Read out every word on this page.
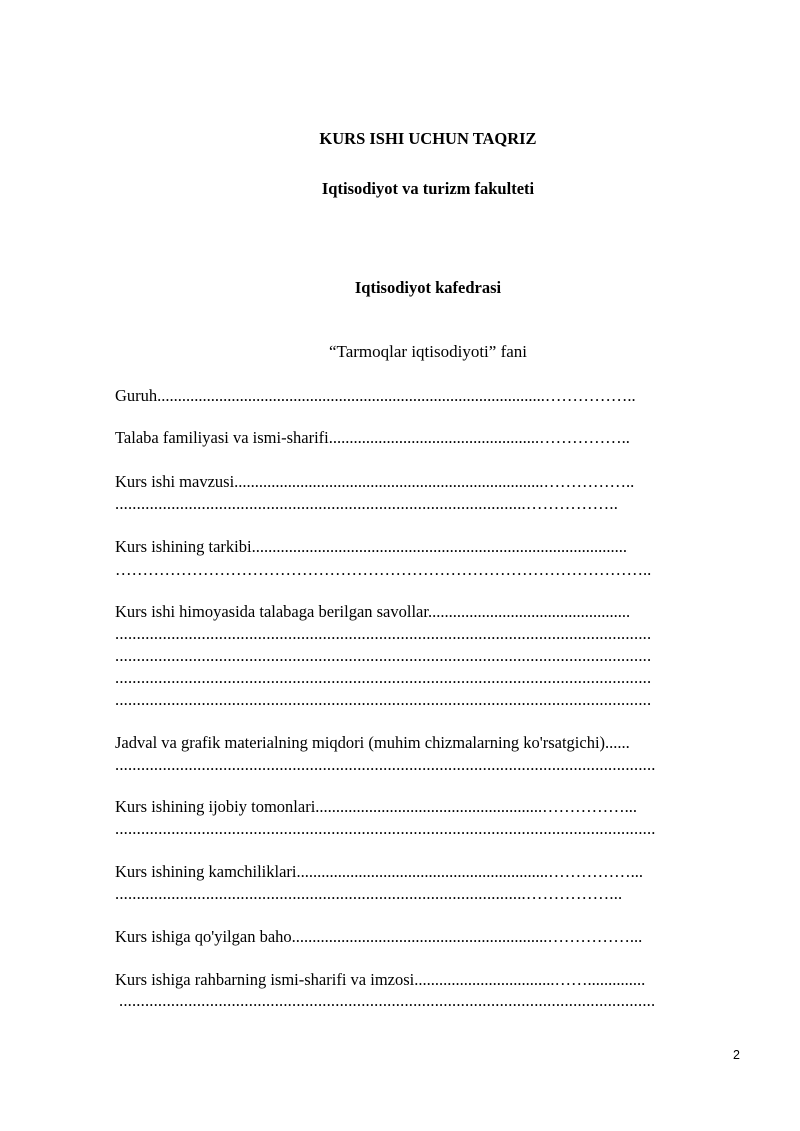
KURS ISHI UCHUN TAQRIZ
Iqtisodiyot va turizm fakulteti
Iqtisodiyot kafedrasi
“Tarmoqlar iqtisodiyoti” fani
Guruh..............................................................................................……………..
Talaba familiyasi va ismi-sharifi...................................................……………..
Kurs ishi mavzusi...........................................................................……………..
...............................................................................................……………..
Kurs ishining tarkibi...........................................................................................
……………………………………………………………………………………..
Kurs ishi himoyasida talabaga berilgan savollar.................................................
............................................................................................................................
............................................................................................................................
............................................................................................................................
............................................................................................................................
Jadval va grafik materialning miqdori (muhim chizmalarning ko'rsatgichi)......
.............................................................................................................................
Kurs ishining ijobiy tomonlari.......................................................……………...
.............................................................................................................................
Kurs ishining kamchiliklari.............................................................……………...
...............................................................................................……………...
Kurs ishiga qo'yilgan baho..............................................................……………...
Kurs ishiga rahbarning ismi-sharifi va imzosi..................................……..............
............................................................................................................................
2
